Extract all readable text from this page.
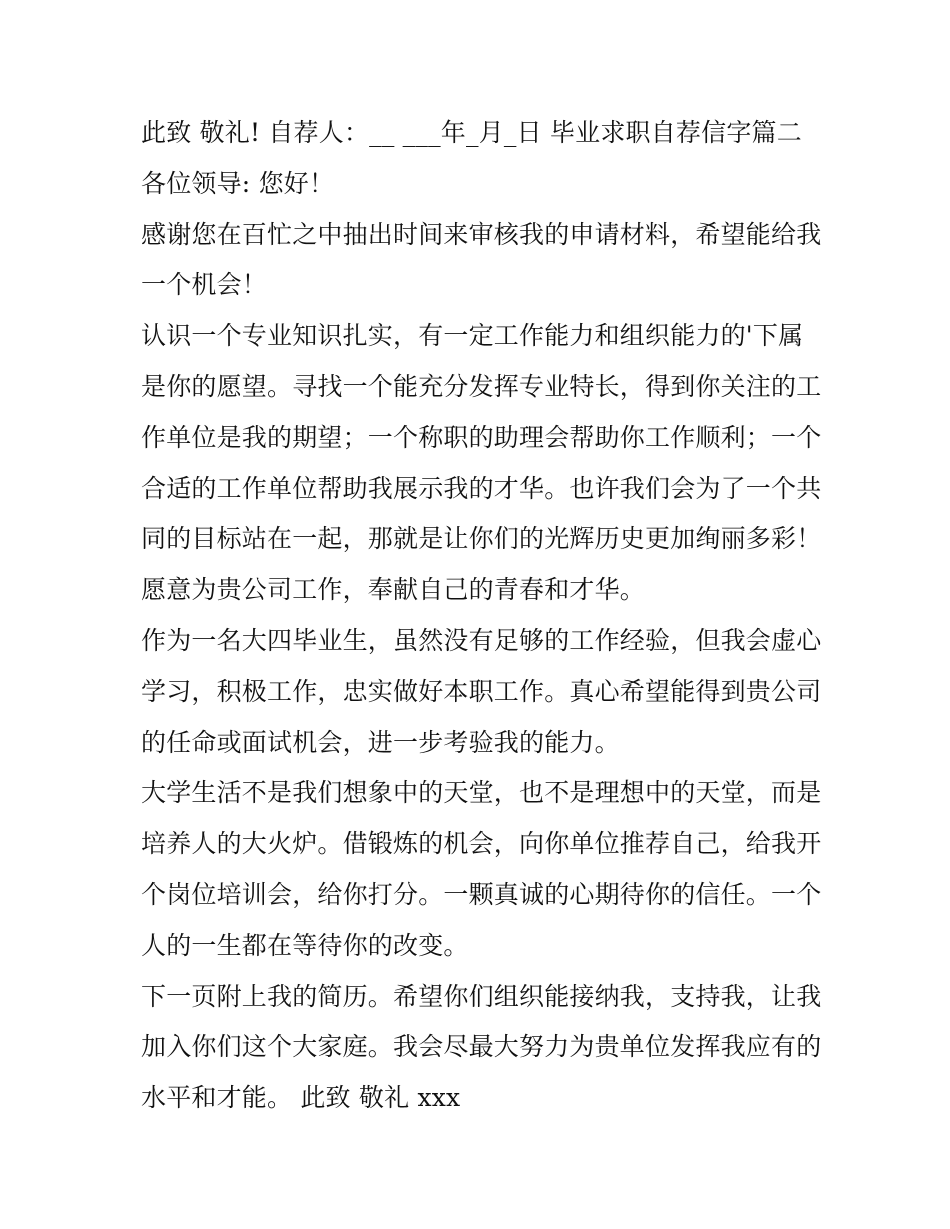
此致 敬礼! 自荐人：__ ___年_月_日 毕业求职自荐信字篇二
各位领导: 您好！
感谢您在百忙之中抽出时间来审核我的申请材料，希望能给我
一个机会！
认识一个专业知识扎实，有一定工作能力和组织能力的'下属
是你的愿望。寻找一个能充分发挥专业特长，得到你关注的工
作单位是我的期望；一个称职的助理会帮助你工作顺利；一个
合适的工作单位帮助我展示我的才华。也许我们会为了一个共
同的目标站在一起，那就是让你们的光辉历史更加绚丽多彩！
愿意为贵公司工作，奉献自己的青春和才华。
作为一名大四毕业生，虽然没有足够的工作经验，但我会虚心
学习，积极工作，忠实做好本职工作。真心希望能得到贵公司
的任命或面试机会，进一步考验我的能力。
大学生活不是我们想象中的天堂，也不是理想中的天堂，而是
培养人的大火炉。借锻炼的机会，向你单位推荐自己，给我开
个岗位培训会，给你打分。一颗真诚的心期待你的信任。一个
人的一生都在等待你的改变。
下一页附上我的简历。希望你们组织能接纳我，支持我，让我
加入你们这个大家庭。我会尽最大努力为贵单位发挥我应有的
水平和才能。 此致 敬礼 xxx
